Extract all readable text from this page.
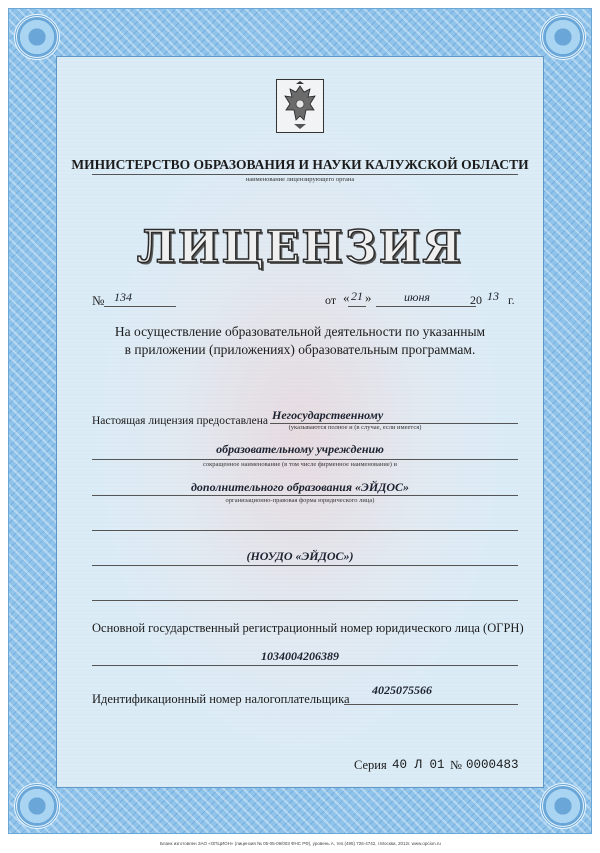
МИНИСТЕРСТВО ОБРАЗОВАНИЯ И НАУКИ КАЛУЖСКОЙ ОБЛАСТИ
наименование лицензирующего органа
ЛИЦЕНЗИЯ
№ 134	от « 21 »	июня	20 13 г.
На осуществление образовательной деятельности по указанным
в приложении (приложениях) образовательным программам.
Настоящая лицензия предоставлена Негосударственному
(указываются полное и (в случае, если имеется)
образовательному учреждению
сокращенное наименование (в том числе фирменное наименование) и
дополнительного образования «ЭЙДОС»
организационно-правовая форма юридического лица)
(НОУДО «ЭЙДОС»)
Основной государственный регистрационный номер юридического лица (ОГРН)
1034004206389
Идентификационный номер налогоплательщика
4025075566
Серия 40 Л 01 № 0000483
Бланк изготовлен ЗАО «ОПЦИОН» (лицензия № 05-05-09/003 ФНС РФ), уровень А, тел.(495) 726-4742, г.Москва, 2012г. www.opcion.ru
